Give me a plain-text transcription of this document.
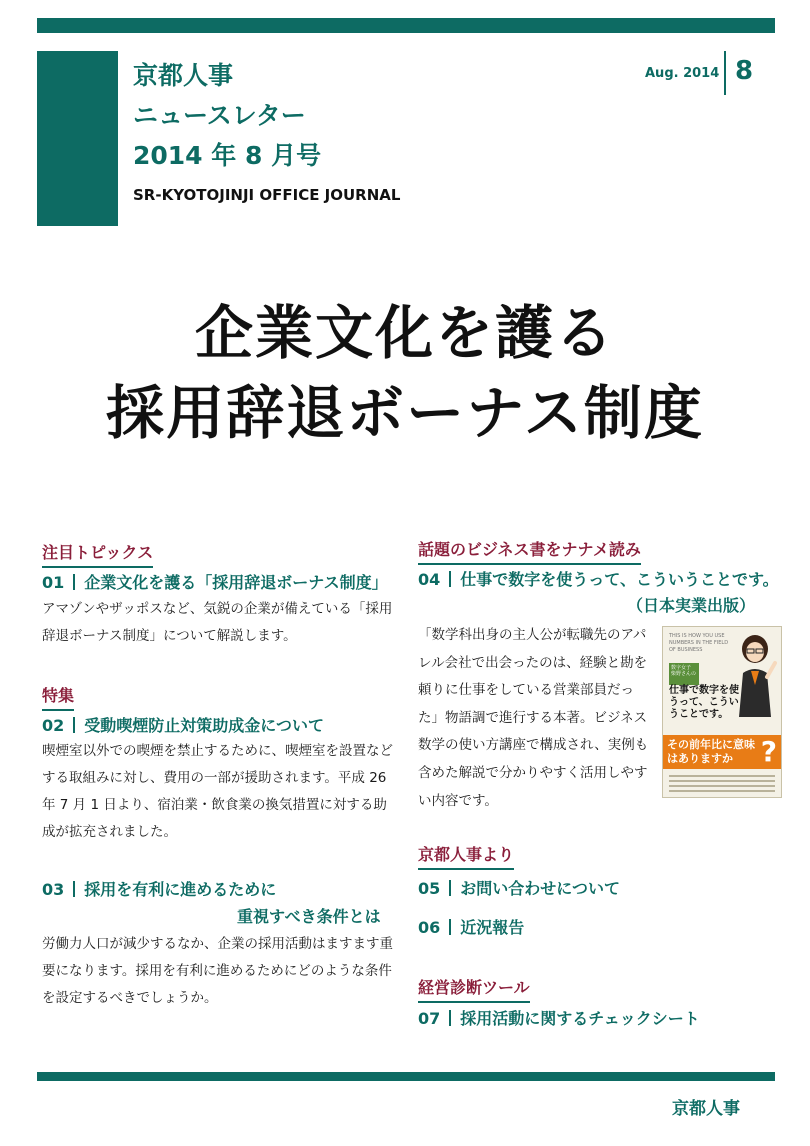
京都人事
ニュースレター
2014 年 8 月号
SR-KYOTOJINJI OFFICE JOURNAL
Aug. 2014 8
企業文化を護る
採用辞退ボーナス制度
注目トピックス
01 企業文化を護る「採用辞退ボーナス制度」
アマゾンやザッポスなど、気鋭の企業が備えている「採用辞退ボーナス制度」について解説します。
特集
02 受動喫煙防止対策助成金について
喫煙室以外での喫煙を禁止するために、喫煙室を設置などする取組みに対し、費用の一部が援助されます。平成 26 年 7 月 1 日より、宿泊業・飲食業の換気措置に対する助成が拡充されました。
03 採用を有利に進めるために
重視すべき条件とは
労働力人口が減少するなか、企業の採用活動はますます重要になります。採用を有利に進めるためにどのような条件を設定するべきでしょうか。
話題のビジネス書をナナメ読み
04 仕事で数字を使うって、こういうことです。
（日本実業出版）
「数学科出身の主人公が転職先のアパレル会社で出会ったのは、経験と勘を頼りに仕事をしている営業部員だった」物語調で進行する本著。ビジネス数学の使い方講座で構成され、実例も含めた解説で分かりやすく活用しやすい内容です。
THIS IS HOW YOU USE NUMBERS IN THE FIELD OF BUSINESS
数字女子 柴野さんの
仕事で数字を使うって、こういうことです。
その前年比に意味はありますか ?
京都人事より
05 お問い合わせについて
06 近況報告
経営診断ツール
07 採用活動に関するチェックシート
京都人事
